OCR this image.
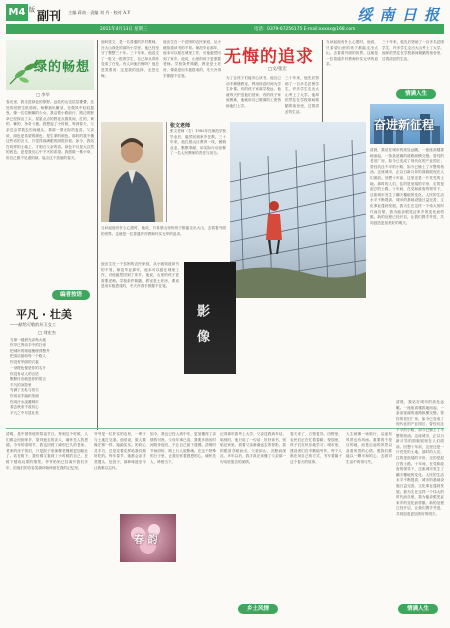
M4 版 副刊 主编 蒋南 · 责编 刘 丹 · 校对 A.Y	绥 南 日 报
2011年4月13日 星期三	电话：0379-67256175 E-mail:xxxxx@168.com
绿的畅想
□ 李华
春光里，我走进绿色的原野。远处的山峦层层叠叠，近处的田野生机勃勃。杨柳抽出嫩芽，在微风中轻轻摇曳，像一位位婀娜的少女。我沿着小路前行，路边的野草已经探出了头，星星点点的野花点缀其间，红的、黄的、紫的，争奇斗艳。我想起了小时候，每到春天，父亲总会带我去田间地头，看那一望无际的麦苗。父亲说，绿色是希望的颜色，是生命的颜色。那时的我不懂这些话的含义，只觉得那满眼的绿很好看。如今，我站在同样的土地上，才明白父亲的话。绿色不仅是大自然的底色，更是我们心中不灭的希望。我愿做一株小草，用自己微不足道的绿，装点这个美丽的春天。
编者按语
平凡 · 壮美
——献给可敬的环卫女工
□ 刘宏杰
当第一缕晨光亲吻大地
你早已挥动手中的扫帚
把城市的街道梳理得整齐
把清洁留给每一个路人
你没有华丽的衣裳
一身橙色便是你的名片
你没有动人的言语
默默付出就是你的誓言
平凡的身影里
写满了无私与担当
你用双手编织美丽
你用汗水浇灌城市
春去秋来不改初心
平凡之中尽显壮美
他叫张文，是一名普通的乡村教师。在大山深处的那所小学里，他已经坚守了整整三十年。三十年来，他送走了一批又一批的学生，自己却从青丝变成了白发。有人问他后悔吗？他总是笑着说：这是我的选择，无怨无悔。
他出生在一个贫困的农民家庭，从小就知道读书的不易。师范毕业那年，他本可以留在城里工作，可他毅然回到了家乡。他说，山里的孩子更需要老师。学校条件简陋，教室是土坯房，课桌是用木板搭成的，冬天冷得手都握不住笔。
无悔的追求
□文/张宏
为了让孩子们能安心读书，他自己动手修缮教室，利用休息时间为学生补课。有的孩子家离学校远，他就每天护送他们回家；有的孩子家庭困难，他就用自己微薄的工资资助他们上学。
三十年来，他先后资助了一百多名贫困学生，许多学生走出大山考上了大学。他却依然住在学校那间简陋的宿舍里，过着清贫的生活。
张文老师
张文老师（右）1982年在师范学校毕业后，毅然回到家乡任教。三十年来，他扎根山区教育一线，兢兢业业，默默奉献，用实际行动诠释了一名人民教师的责任与担当。
当问起他有什么心愿时，他说，只希望山里的孩子都能走出大山，去看看外面的世界。这就是一位普通乡村教师朴实无华的追求。
影 像
他出生在一个贫困的农民家庭，从小就知道读书的不易。师范毕业那年，他本可以留在城里工作，可他毅然回到了家乡。他说，山里的孩子更需要老师。学校条件简陋，教室是土坯房，课桌是用木板搭成的，冬天冷得手都握不住笔。
当问起他有什么心愿时，他说，只希望山里的孩子都能走出大山，去看看外面的世界。这就是一位普通乡村教师朴实无华的追求。
三十年来，他先后资助了一百多名贫困学生，许多学生走出大山考上了大学。他却依然住在学校那间简陋的宿舍里，过着清贫的生活。
情满人生
奋进新征程
清晨，我站在城市的高处远眺。一座座高楼拔地而起，一条条宽阔的道路纵横交错。曾经的老旧厂房，如今已变成了现代化的产业园区；曾经坑洼不平的小路，如今已铺上了平整的柏油。这座城市，正以日新月异的面貌展现在人们面前。回想十年前，这里还是一片荒芜的土地。那时的人们，住的是低矮的平房，走的是泥泞的土路。十年间，在党和政府的领导下，这座城市发生了翻天覆地的变化。人民的生活水平不断提高，城市的基础设施日益完善，文化事业蓬勃发展。我为生在这样一个伟大的时代而自豪，我为能亲眼见证家乡的变化而骄傲。新的征程已经开启，让我们携手并进，共同创造更加美好的明天。
清明，是中国传统的祭祖节日。每到这个时候，人们都会回到家乡，祭拜逝去的亲人，缅怀先人的恩德。今年的清明节，我也回到了阔别已久的老家。老家的房子依旧，只是院子里那棵老槐树更加粗壮了。站在树下，我仿佛又看到了小时候的自己，在树下嬉戏玩耍的情景。爷爷奶奶已经离开我们多年，但他们的音容笑貌却始终留在我的记忆里。
爷爷是一位朴实的农民，一辈子与土地打交道。他常说，做人要像庄稼一样，踏踏实实。奶奶心灵手巧，总是变着花样给我们做好吃的。每年春节，她都会亲手蒸馒头、包饺子，那种味道至今让我难以忘怀。
春 韵
如今，我也已经人到中年，更加懂得了亲情的可贵。父母年事已高，我要多抽出时间陪伴他们，不让自己留下遗憾。清明时节雨纷纷，路上行人欲断魂。在这个特殊的日子里，让我们怀着感恩的心，缅怀先人，珍惜当下。
记得那年我考上大学，父亲送我到车站。临别时，他只说了一句话：好好读书，别惦记家里。看着父亲渐渐远去的背影，我的眼泪夺眶而出。父爱如山，沉默而深沉。多年以后，我才真正读懂了父亲那一句话里饱含的深情。
乡土风情
春天来了，万物复苏。田野里，农民们正在忙着春耕；校园里，孩子们在快乐地学习；城市里，建设者们在辛勤地劳作。每个人都在用自己的方式，书写着属于这个春天的故事。
人生就像一场旅行，沿途有风景也有风雨。重要的不是目的地，而是沿途的风景以及看风景的心情。愿我们都能以一颗平和的心，去面对生活中的得与失。
情满人生
清晨，我站在城市的高处远眺。一座座高楼拔地而起，一条条宽阔的道路纵横交错。曾经的老旧厂房，如今已变成了现代化的产业园区；曾经坑洼不平的小路，如今已铺上了平整的柏油。这座城市，正以日新月异的面貌展现在人们面前。回想十年前，这里还是一片荒芜的土地。那时的人们，住的是低矮的平房，走的是泥泞的土路。十年间，在党和政府的领导下，这座城市发生了翻天覆地的变化。人民的生活水平不断提高，城市的基础设施日益完善，文化事业蓬勃发展。我为生在这样一个伟大的时代而自豪，我为能亲眼见证家乡的变化而骄傲。新的征程已经开启，让我们携手并进，共同创造更加美好的明天。
